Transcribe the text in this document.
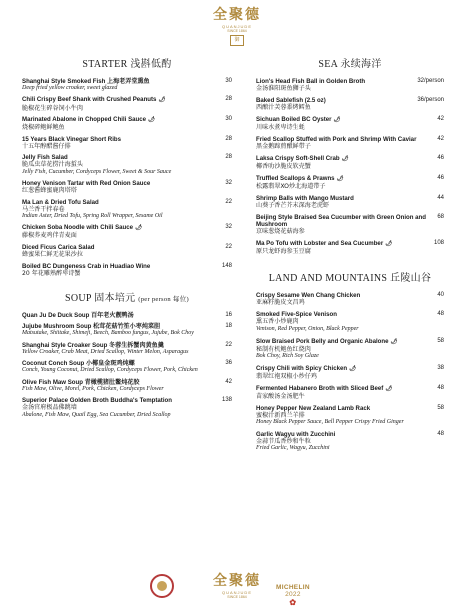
全聚德
QUANJUDE
SINCE 1864
御
STARTER 浅斟低酌
Shanghai Style Smoked Fish 上海老弄堂熏鱼
Deep fried yellow croaker, sweet glazed
30
Chili Crispy Beef Shank with Crushed Peanuts 🌶
脆椒花生碎谷饲小牛肉
28
Marinated Abalone in Chopped Chili Sauce 🌶
烧椒碎鲍鲜鲍鱼
30
15 Years Black Vinegar Short Ribs
十五年醇醋酱仔排
28
Jelly Fish Salad
脆瓜虫草花捞汁海蜇头
Jelly Fish, Cucumber, Cordyceps Flower, Sweet & Sour Sauce
28
Honey Venison Tartar with Red Onion Sauce
红葱酱蜂蜜鹿肉塔塔
32
Ma Lan & Dried Tofu Salad
马兰香干拌春卷
Indian Aster, Dried Tofu, Spring Roll Wrapper, Sesame Oil
22
Chicken Soba Noodle with Chili Sauce 🌶
藤椒荞麦鸡伴青麦面
32
Diced Ficus Carica Salad
蜂蜜果仁鲜无花果沙拉
22
Boiled BC Dungeness Crab in Huadiao Wine
20 年花雕熟醉卑诗蟹
148
SOUP 固本培元 (per person 每位)
Quan Ju De Duck Soup 百年老火靓鸭汤	16
Jujube Mushroom Soup 松茸花菇竹笙小枣炖菜胆
Matsutake, Shiitake, Shimeji, Beech, Bamboo fungus, Jujube, Bok Choy
18
Shanghai Style Croaker Soup 冬蓉生拆蟹肉黄鱼羹
Yellow Croaker, Crab Meat, Dried Scallop, Winter Melon, Asparagus
22
Coconut Conch Soup 小椰皇金斑鸡炖螺
Conch, Young Coconut, Dried Scallop, Cordyceps Flower, Pork, Chicken
36
Olive Fish Maw Soup 青橄榄猪肚鳖炖花胶
Fish Maw, Olive, Morel, Pork, Chicken, Cordyceps Flower
42
Superior Palace Golden Broth Buddha's Temptation
金汤官府极品佛跳墙
Abalone, Fish Maw, Quail Egg, Sea Cucumber, Dried Scallop
138
SEA 永续海洋
Lion's Head Fish Ball in Golden Broth
金汤淮阳斑鱼狮子头
32/person
Baked Sablefish (2.5 oz)
西酿汁芙蓉黍烤鳕鱼
36/person
Sichuan Boiled BC Oyster 🌶
川味水煮卑诗生蚝
42
Fried Scallop Stuffed with Pork and Shrimp With Caviar
黑金鹅蹄煎酿鲜带子
42
Laksa Crispy Soft-Shell Crab 🌶
椰香叻沙脆皮软壳蟹
46
Truffled Scallops & Prawns 🌶
松露翡翠XO炒北海道带子
46
Shrimp Balls with Mango Mustard
山葵子香芒芥末深海老虎虾
44
Beijing Style Braised Sea Cucumber with Green Onion and Mushroom
京味葱烧花菇海参
68
Ma Po Tofu with Lobster and Sea Cucumber 🌶
原只龙虾海参玉豆腐
108
LAND AND MOUNTAINS 丘陵山谷
Crispy Sesame Wen Chang Chicken
亚麻籽脆皮文昌鸡
40
Smoked Five-Spice Venison
熏五香小炒鹿肉
Venison, Red Pepper, Onion, Black Pepper
48
Slow Braised Pork Belly and Organic Abalone 🌶
秘制有机鲍鱼红烧肉
Bok Choy, Rich Soy Glaze
58
Crispy Chili with Spicy Chicken 🌶
翡翠红袍双椒小炒仔鸡
38
Fermented Habanero Broth with Sliced Beef 🌶
苗家酸汤金汤肥牛
48
Honey Pepper New Zealand Lamb Rack
蜜椒汁新西兰羊排
Honey Black Pepper Sauce, Bell Pepper Crispy Fried Ginger
58
Garlic Wagyu with Zucchini
金蒜节瓜香炒和牛粒
Fried Garlic, Wagyu, Zucchini
48
全聚德
QUANJUDE
SINCE 1864
MICHELIN
2022
✿
